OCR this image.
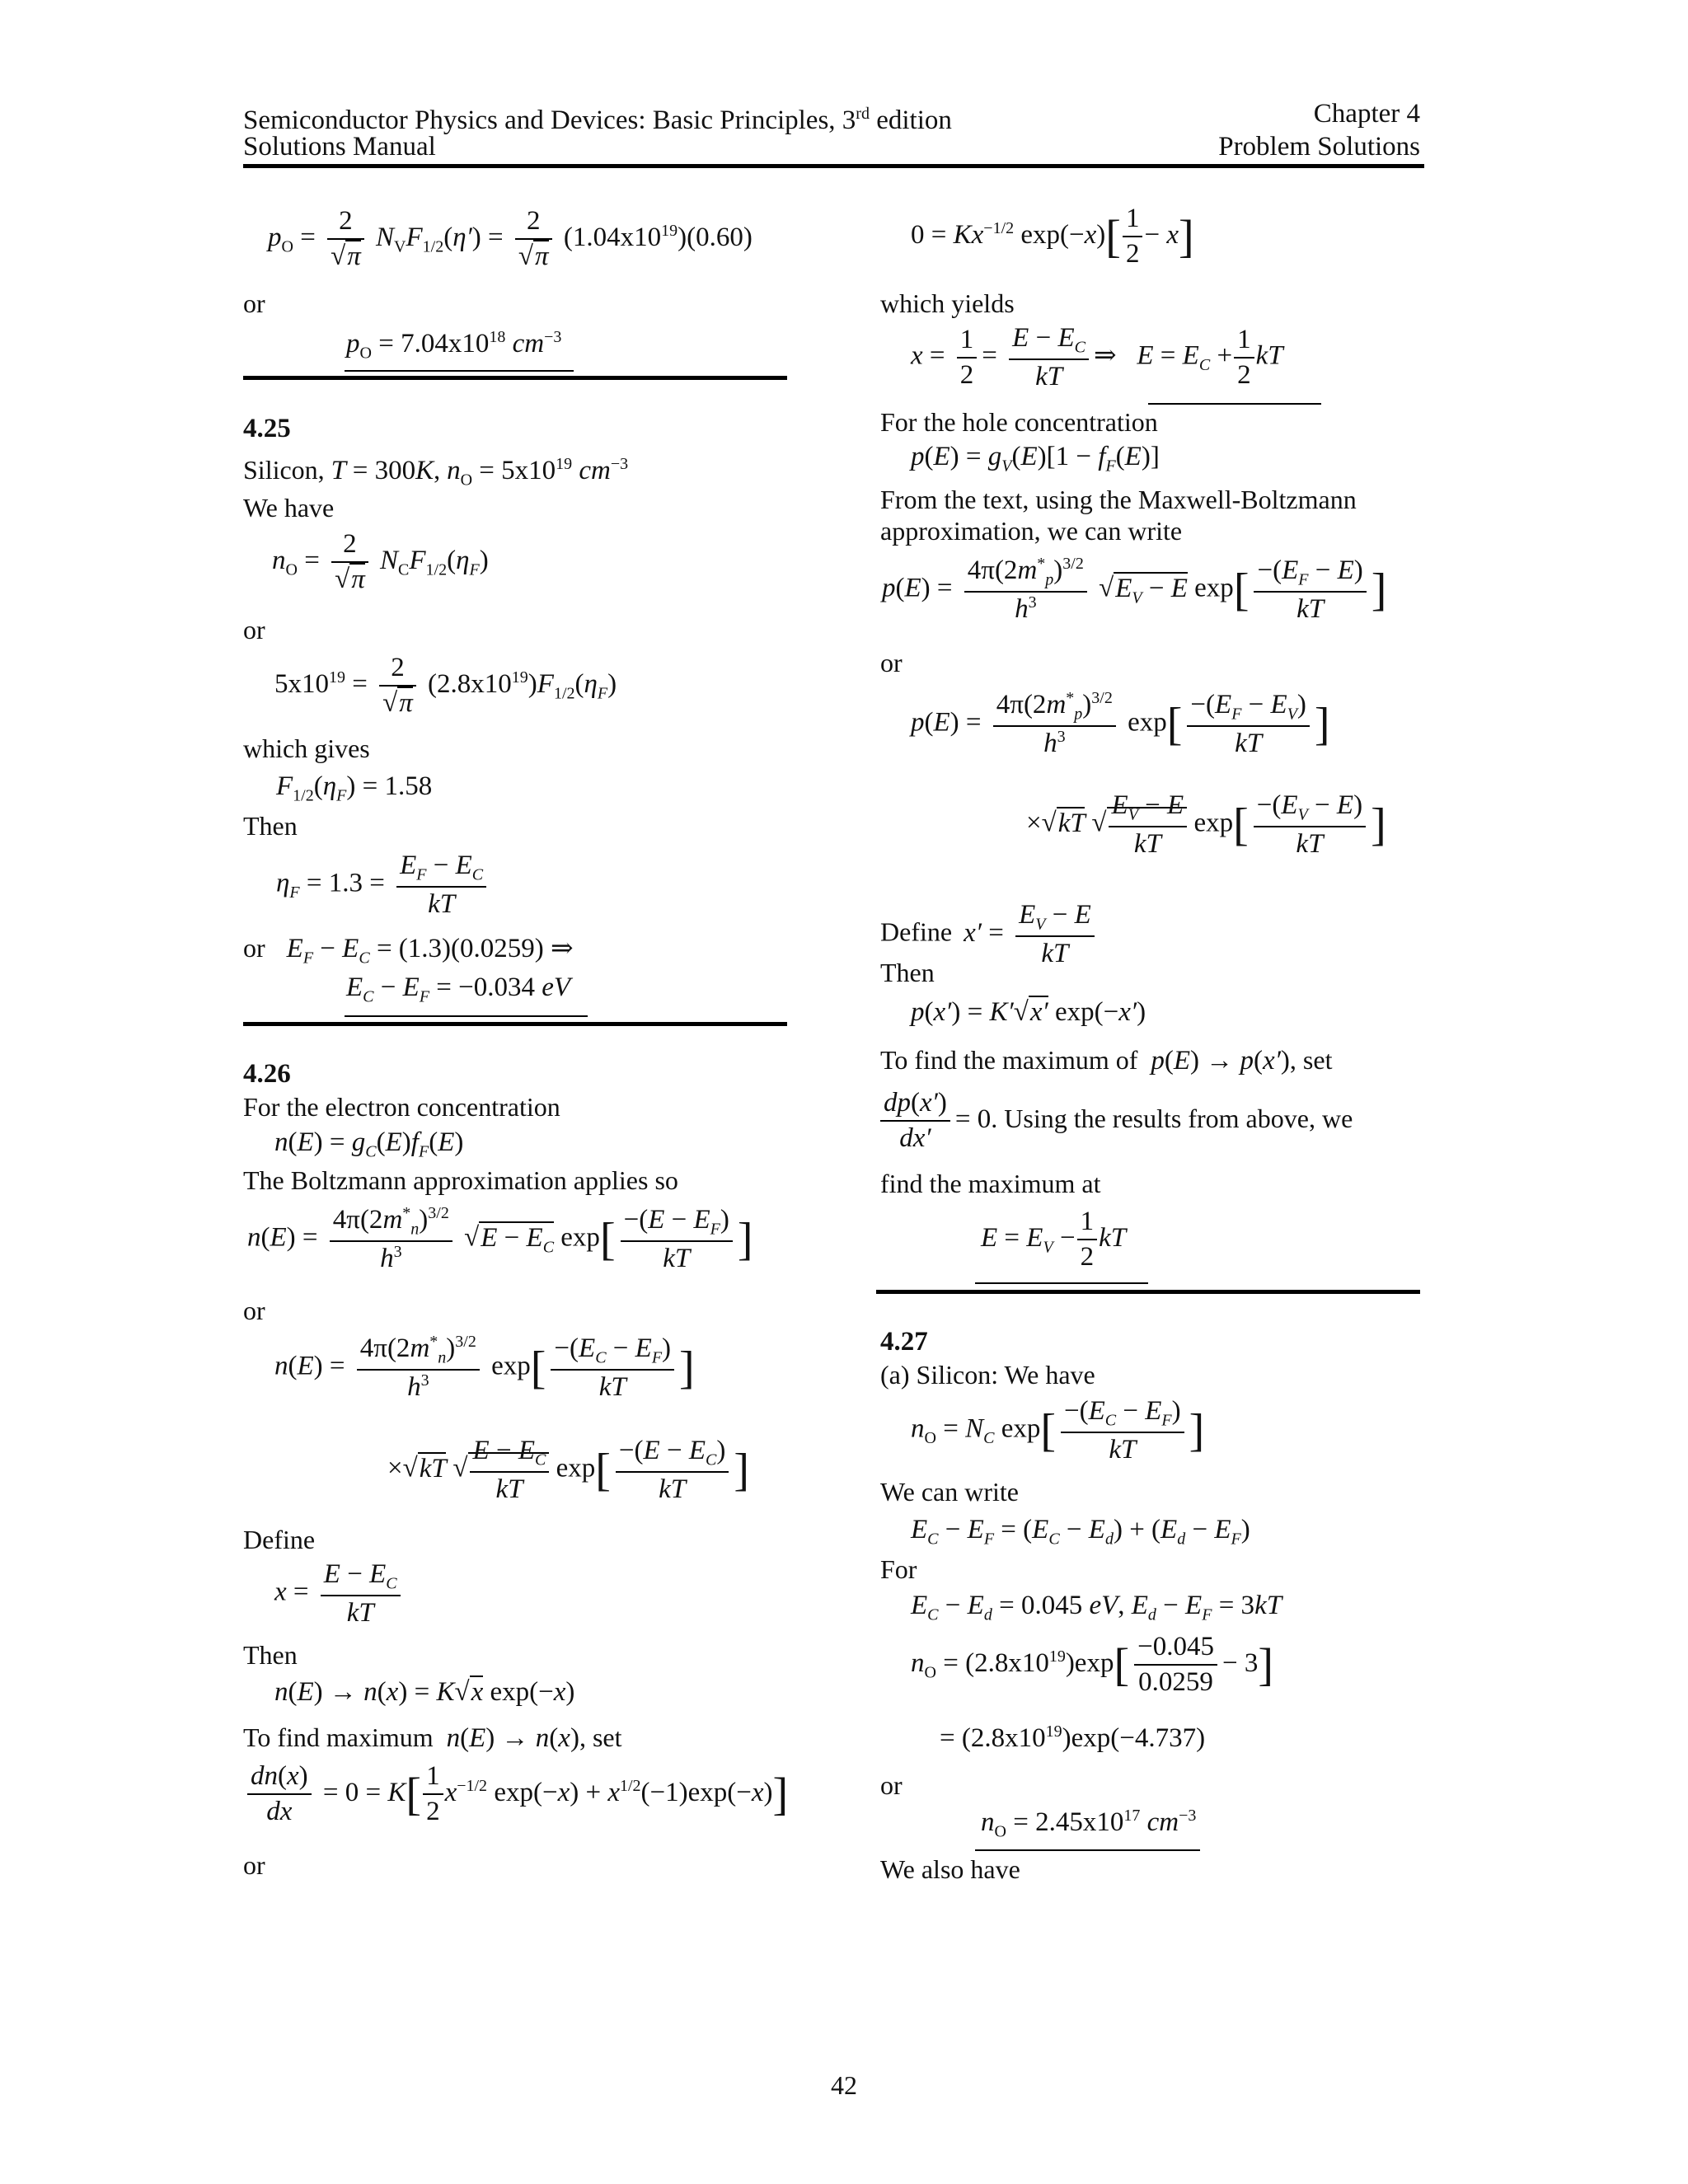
Semiconductor Physics and Devices: Basic Principles, 3rd edition
Solutions Manual
Chapter 4
Problem Solutions
$p_O = \frac{2}{√\pi} N_VF_{1/2}(\eta') = \frac{2}{√\pi} (1.04x10^{19})(0.60)$
or
$p_O = 7.04x10^{18}$ $cm^{-3}$
4.25
Silicon, T = 300K, $n_O = 5x10^{19}$ $cm^{-3}$
We have
$n_O = \frac{2}{√\pi} N_CF_{1/2}(\eta_F)$
or
$5x10^{19} = \frac{2}{√\pi} (2.8x10^{19})F_{1/2}(\eta_F)$
which gives
$F_{1/2}(\eta_F) = 1.58$
Then
$\eta_F = 1.3 = \frac{E_F - E_C}{kT}$
or $E_F - E_C = (1.3)(0.0259)$ ⇒
$E_C - E_F = -0.034$ eV
4.26
For the electron concentration
$n(E) = g_C(E)f_F(E)$
The Boltzmann approximation applies so
$n(E) = \frac{4\pi(2m^*_n)^{3/2}}{h^3} √E - E_C$ $\exp[ \frac{-(E - E_F)}{kT}$ ]
or
$n(E) = \frac{4\pi(2m^*_n)^{3/2}}{h^3} \exp[ \frac{-(E_C - E_F)}{kT}$ ]
×√kT √ $\frac{E - E_C}{kT} \exp[ \frac{-(E - E_C)}{kT}$ ]
Define
$x = \frac{E - E_C}{kT}$
Then
n(E) → n(x) = K√x exp(−x)
To find maximum n(E) → n(x), set
$\frac{dn(x)}{dx} = 0 = K[ \frac{1}{2} x^{-1/2}$ $\exp(-x) + x^{1/2}(-1)\exp(-x)$]
or
$0 = Kx^{-1/2}$ $\exp(-x)[ \frac{1}{2} - x]$
which yields
$x = \frac{1}{2} = \frac{E - E_C}{kT}$ ⇒   $E = E_C + \frac{1}{2}$ kT
For the hole concentration
$p(E) = g_V(E)[1 - f_F(E)]$
From the text, using the Maxwell-Boltzmann
approximation, we can write
$p(E) = \frac{4\pi(2m^*_p)^{3/2}}{h^3} √E_V - E$ $\exp[ \frac{-(E_F - E)}{kT}$ ]
or
$p(E) = \frac{4\pi(2m^*_p)^{3/2}}{h^3} \exp[ \frac{-(E_F - E_V)}{kT}$ ]
×√kT √ $\frac{E_V - E}{kT} \exp[ \frac{-(E_V - E)}{kT}$ ]
Define $x' = \frac{E_V - E}{kT}$
Then
p(x′) = K′√x′ exp(−x′)
To find the maximum of p(E) → p(x′), set
$\frac{dp(x')}{dx'} = 0$. Using the results from above, we
find the maximum at
$E = E_V - \frac{1}{2}$ kT
4.27
(a) Silicon: We have
$n_O = N_C$ $\exp[ \frac{-(E_C - E_F)}{kT}$ ]
We can write
$E_C - E_F = (E_C - E_d) + (E_d - E_F)$
For
$E_C - E_d = 0.045$ eV, $E_d - E_F = 3kT$
$n_O = (2.8x10^{19})\exp[ \frac{-0.045}{0.0259} - 3]$
= $(2.8x10^{19})\exp(-4.737)$
or
$n_O = 2.45x10^{17}$ $cm^{-3}$
We also have
42
